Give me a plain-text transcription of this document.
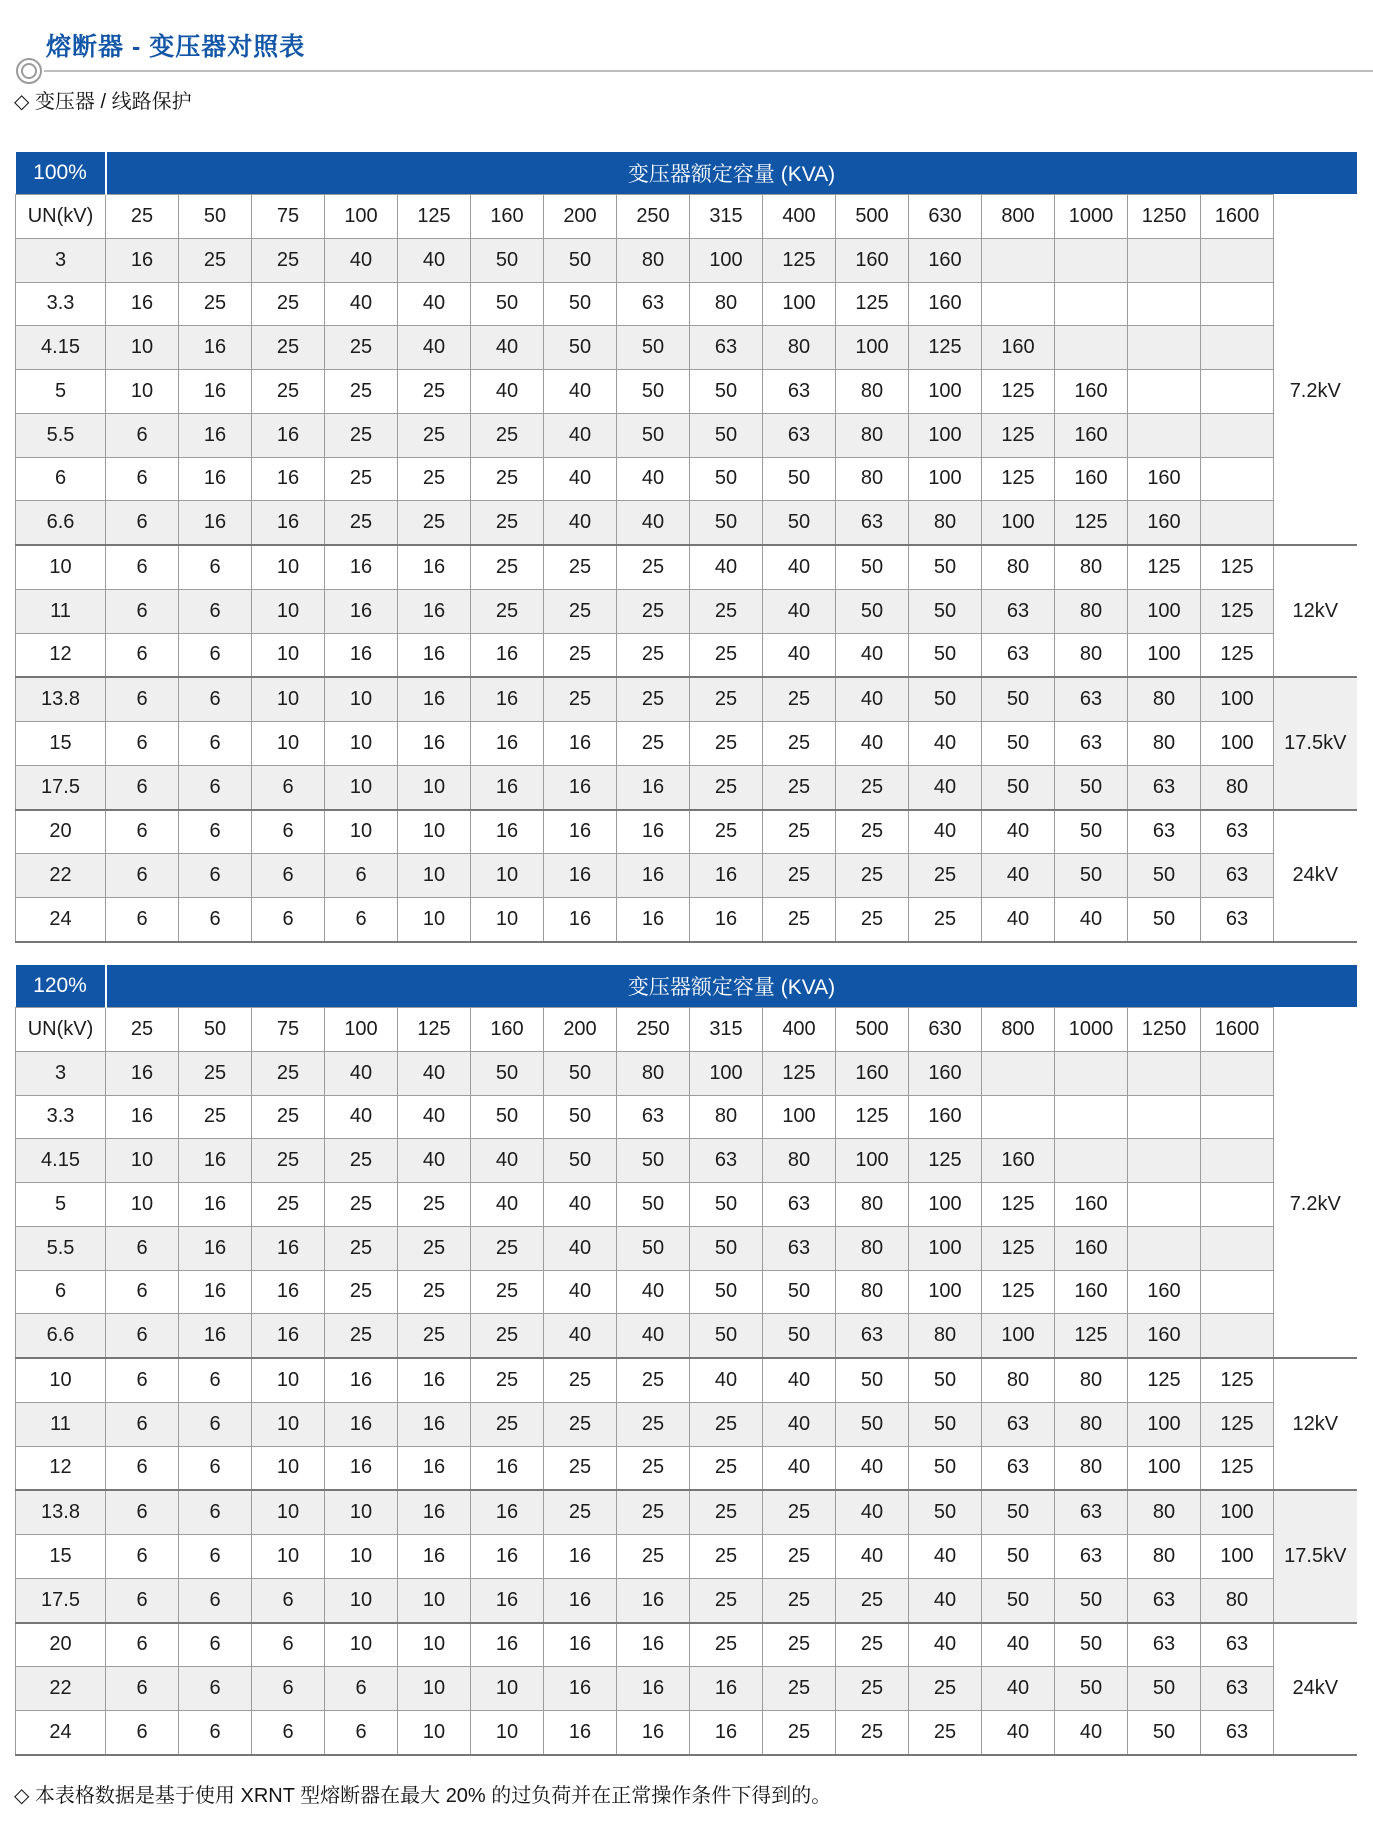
熔断器 - 变压器对照表
◇ 变压器 / 线路保护
100%	变压器额定容量 (KVA)																
UN(kV)	25	50	75	100	125	160	200	250	315	400	500	630	800	1000	1250	1600	
3	16	25	25	40	40	50	50	80	100	125	160	160					7.2kV
3.3	16	25	25	40	40	50	50	63	80	100	125	160					
4.15	10	16	25	25	40	40	50	50	63	80	100	125	160				
5	10	16	25	25	25	40	40	50	50	63	80	100	125	160			
5.5	6	16	16	25	25	25	40	50	50	63	80	100	125	160			
6	6	16	16	25	25	25	40	40	50	50	80	100	125	160	160		
6.6	6	16	16	25	25	25	40	40	50	50	63	80	100	125	160		
10	6	6	10	16	16	25	25	25	40	40	50	50	80	80	125	125	12kV
11	6	6	10	16	16	25	25	25	25	40	50	50	63	80	100	125	
12	6	6	10	16	16	16	25	25	25	40	40	50	63	80	100	125	
13.8	6	6	10	10	16	16	25	25	25	25	40	50	50	63	80	100	17.5kV
15	6	6	10	10	16	16	16	25	25	25	40	40	50	63	80	100	
17.5	6	6	6	10	10	16	16	16	25	25	25	40	50	50	63	80	
20	6	6	6	10	10	16	16	16	25	25	25	40	40	50	63	63	24kV
22	6	6	6	6	10	10	16	16	16	25	25	25	40	50	50	63	
24	6	6	6	6	10	10	16	16	16	25	25	25	40	40	50	63	
120%	变压器额定容量 (KVA)																
UN(kV)	25	50	75	100	125	160	200	250	315	400	500	630	800	1000	1250	1600	
3	16	25	25	40	40	50	50	80	100	125	160	160					7.2kV
3.3	16	25	25	40	40	50	50	63	80	100	125	160					
4.15	10	16	25	25	40	40	50	50	63	80	100	125	160				
5	10	16	25	25	25	40	40	50	50	63	80	100	125	160			
5.5	6	16	16	25	25	25	40	50	50	63	80	100	125	160			
6	6	16	16	25	25	25	40	40	50	50	80	100	125	160	160		
6.6	6	16	16	25	25	25	40	40	50	50	63	80	100	125	160		
10	6	6	10	16	16	25	25	25	40	40	50	50	80	80	125	125	12kV
11	6	6	10	16	16	25	25	25	25	40	50	50	63	80	100	125	
12	6	6	10	16	16	16	25	25	25	40	40	50	63	80	100	125	
13.8	6	6	10	10	16	16	25	25	25	25	40	50	50	63	80	100	17.5kV
15	6	6	10	10	16	16	16	25	25	25	40	40	50	63	80	100	
17.5	6	6	6	10	10	16	16	16	25	25	25	40	50	50	63	80	
20	6	6	6	10	10	16	16	16	25	25	25	40	40	50	63	63	24kV
22	6	6	6	6	10	10	16	16	16	25	25	25	40	50	50	63	
24	6	6	6	6	10	10	16	16	16	25	25	25	40	40	50	63	
◇ 本表格数据是基于使用 XRNT 型熔断器在最大 20% 的过负荷并在正常操作条件下得到的。
